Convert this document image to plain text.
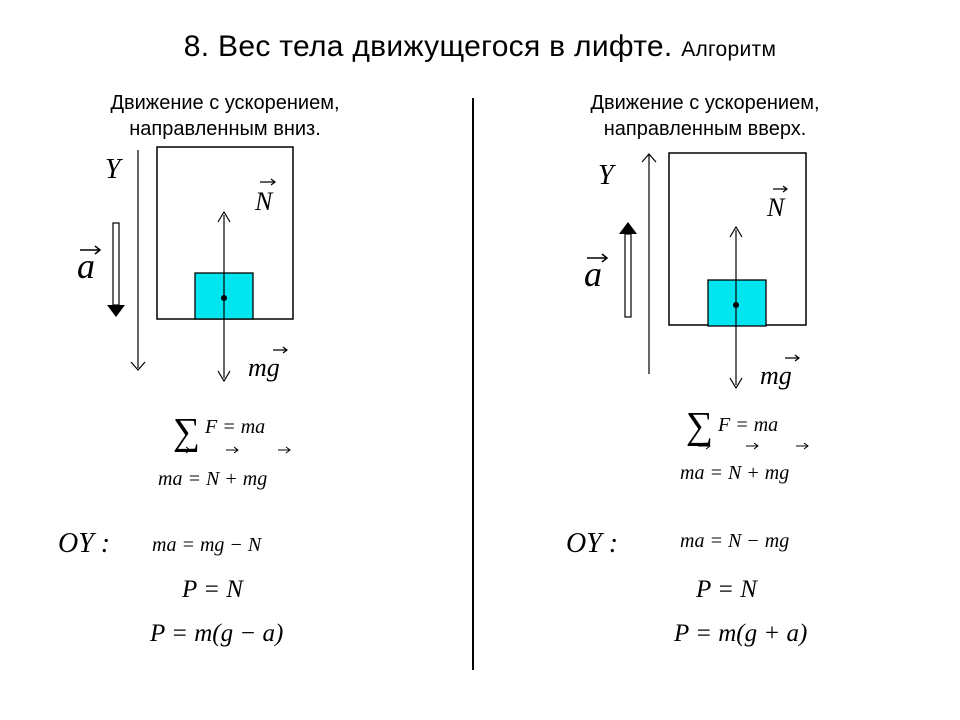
8. Вес тела движущегося в лифте. Алгоритм
Движение с ускорением,
направленным вниз.
Y
a
N
mg
∑ F = ma
ma = N + mg
OY : ma = mg − N
P = N
P = m(g − a)
Движение с ускорением,
направленным вверх.
Y
a
N
mg
∑ F = ma
ma = N + mg
OY :	ma = N − mg
P = N
P = m(g + a)
